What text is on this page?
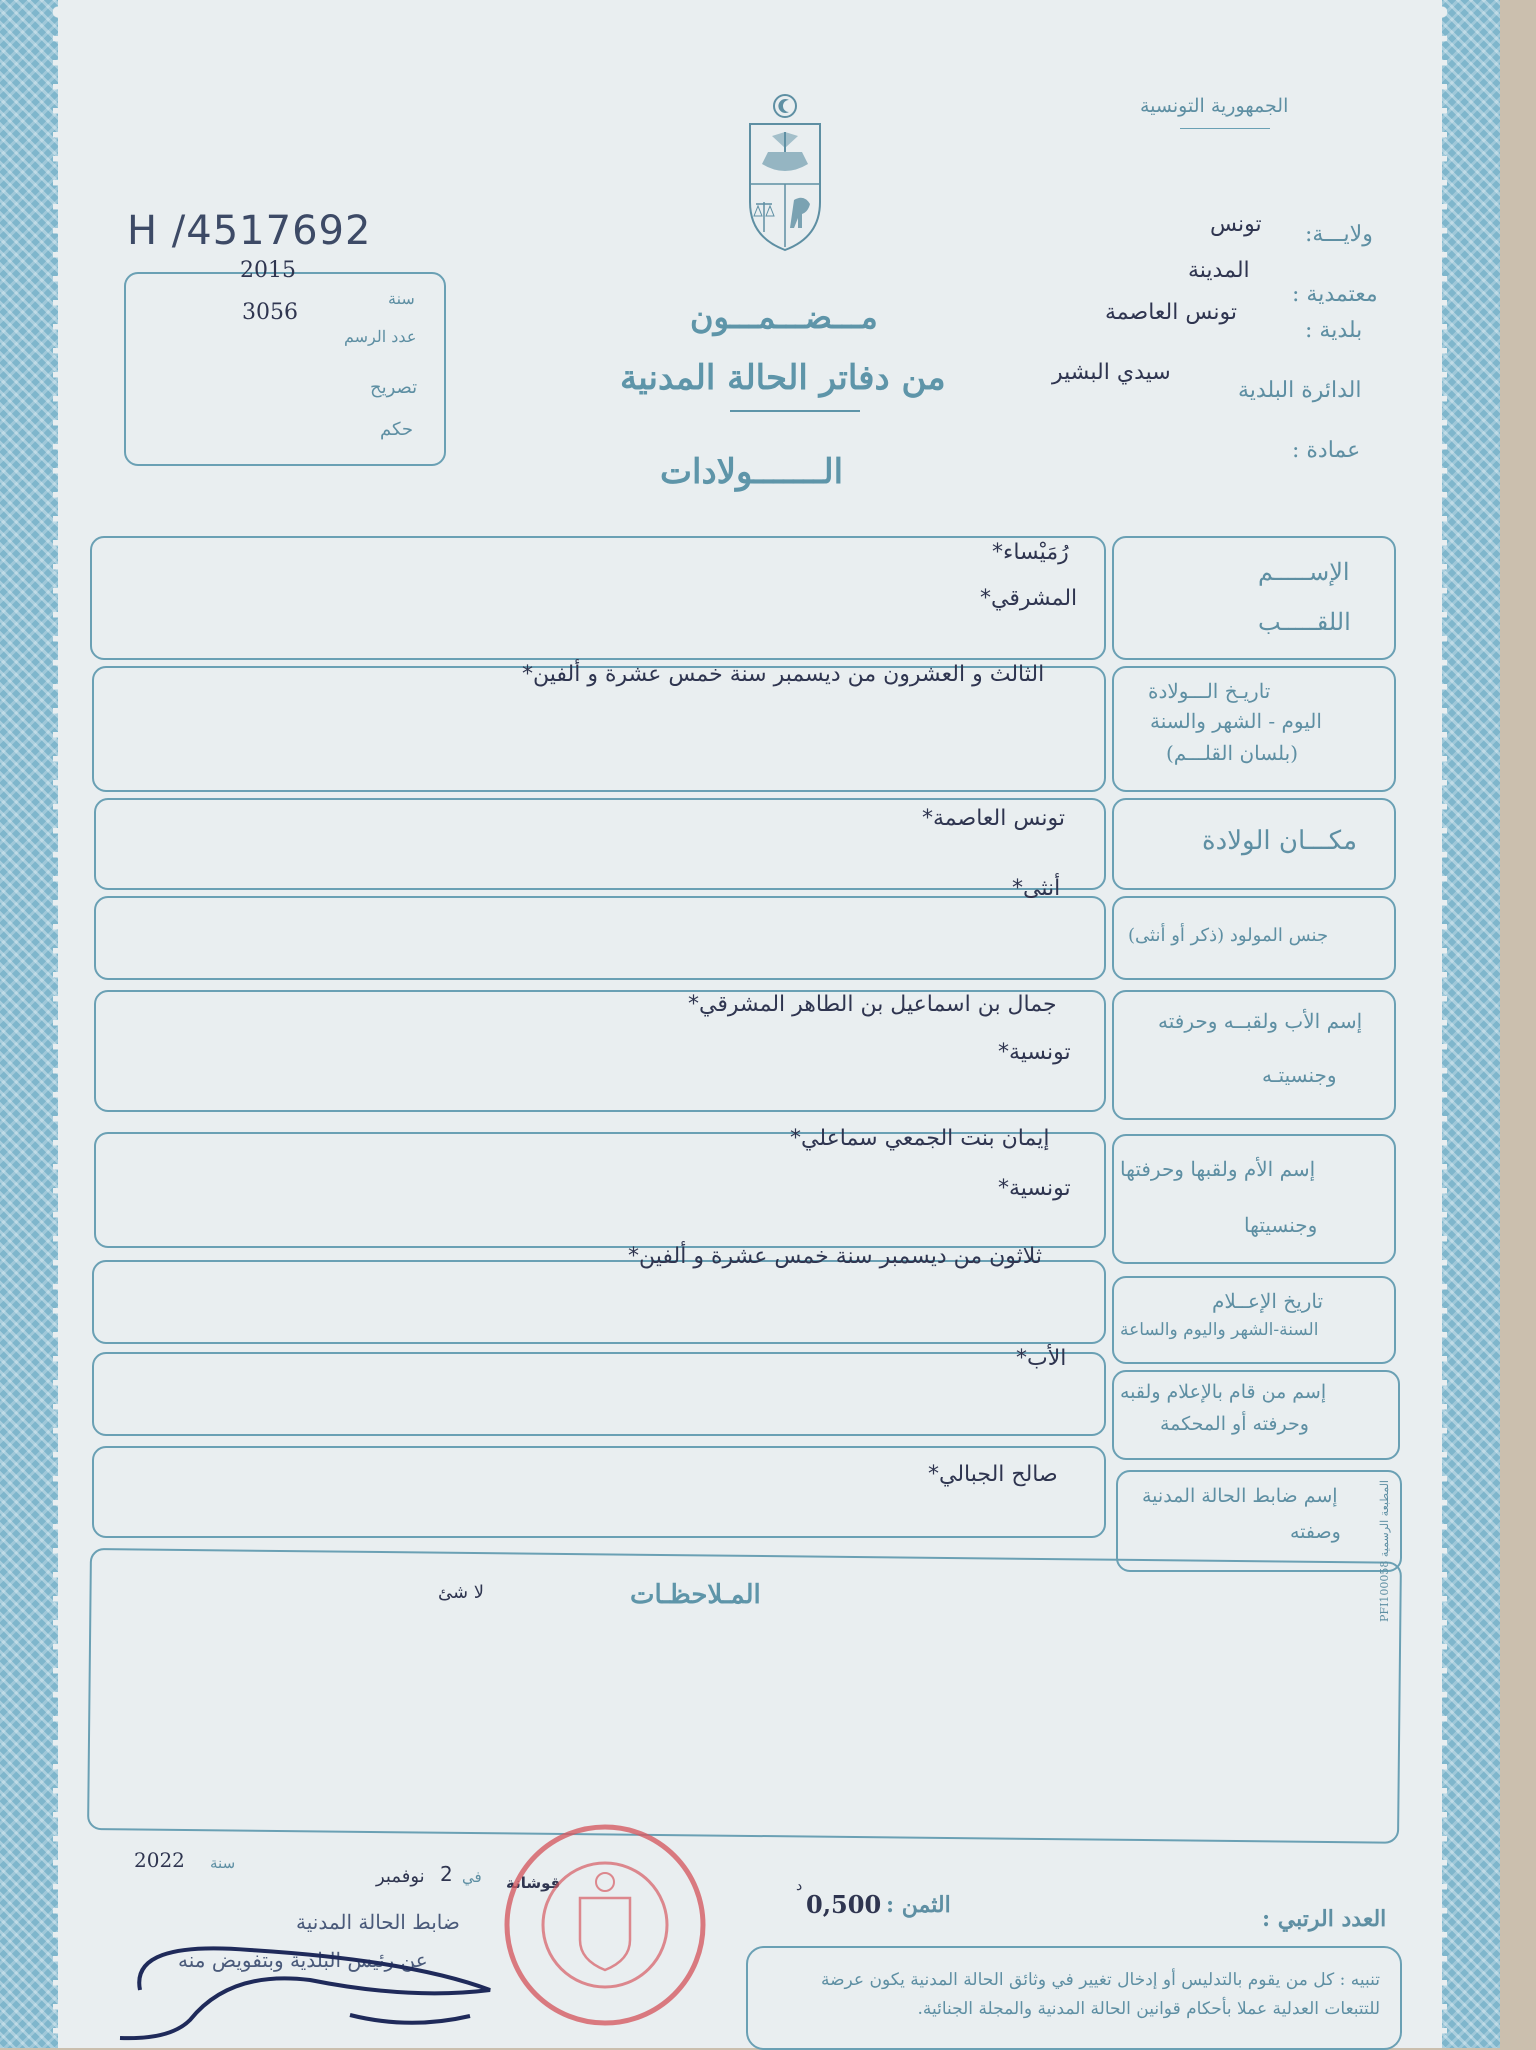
الجمهورية التونسية
ولايـــة:
تونس
المدينة
معتمدية :
تونس العاصمة
بلدية :
سيدي البشير
الدائرة البلدية
عمادة :
H /4517692
2015
سنة
3056
عدد الرسم
تصريح
حكم
مـــضـــمـــون
من دفاتر الحالة المدنية
الـــــــولادات
الإســـــم
اللقـــــب
رُمَيْساء*
المشرقي*
تاريـخ الـــولادة
اليوم - الشهر والسنة
(بلسان القلـــم)
الثالث و العشرون من ديسمبر سنة خمس عشرة و ألفين*
مكـــان الولادة
تونس العاصمة*
جنس المولود (ذكر أو أنثى)
أنثى*
إسم الأب ولقبــه وحرفته
وجنسيتـه
جمال بن اسماعيل بن الطاهر المشرقي*
تونسية*
إسم الأم ولقبها وحرفتها
وجنسيتها
إيمان بنت الجمعي سماعلي*
تونسية*
تاريخ الإعــلام
السنة-الشهر واليوم والساعة
ثلاثون من ديسمبر سنة خمس عشرة و ألفين*
إسم من قام بالإعلام ولقبه
وحرفته أو المحكمة
الأب*
إسم ضابط الحالة المدنية
وصفته
صالح الجبالي*
المـلاحظـات
لا شئ
المطبعة الرسمية PFI100058
العدد الرتبي :
الثمن :
0,500
د
2022 سنة
نوفمبر 2 في قوشانة
ضابط الحالة المدنية
عن رئيس البلدية وبتفويض منه
تنبيه : كل من يقوم بالتدليس أو إدخال تغيير في وثائق الحالة المدنية يكون عرضة للتتبعات العدلية عملا بأحكام قوانين الحالة المدنية والمجلة الجنائية.
